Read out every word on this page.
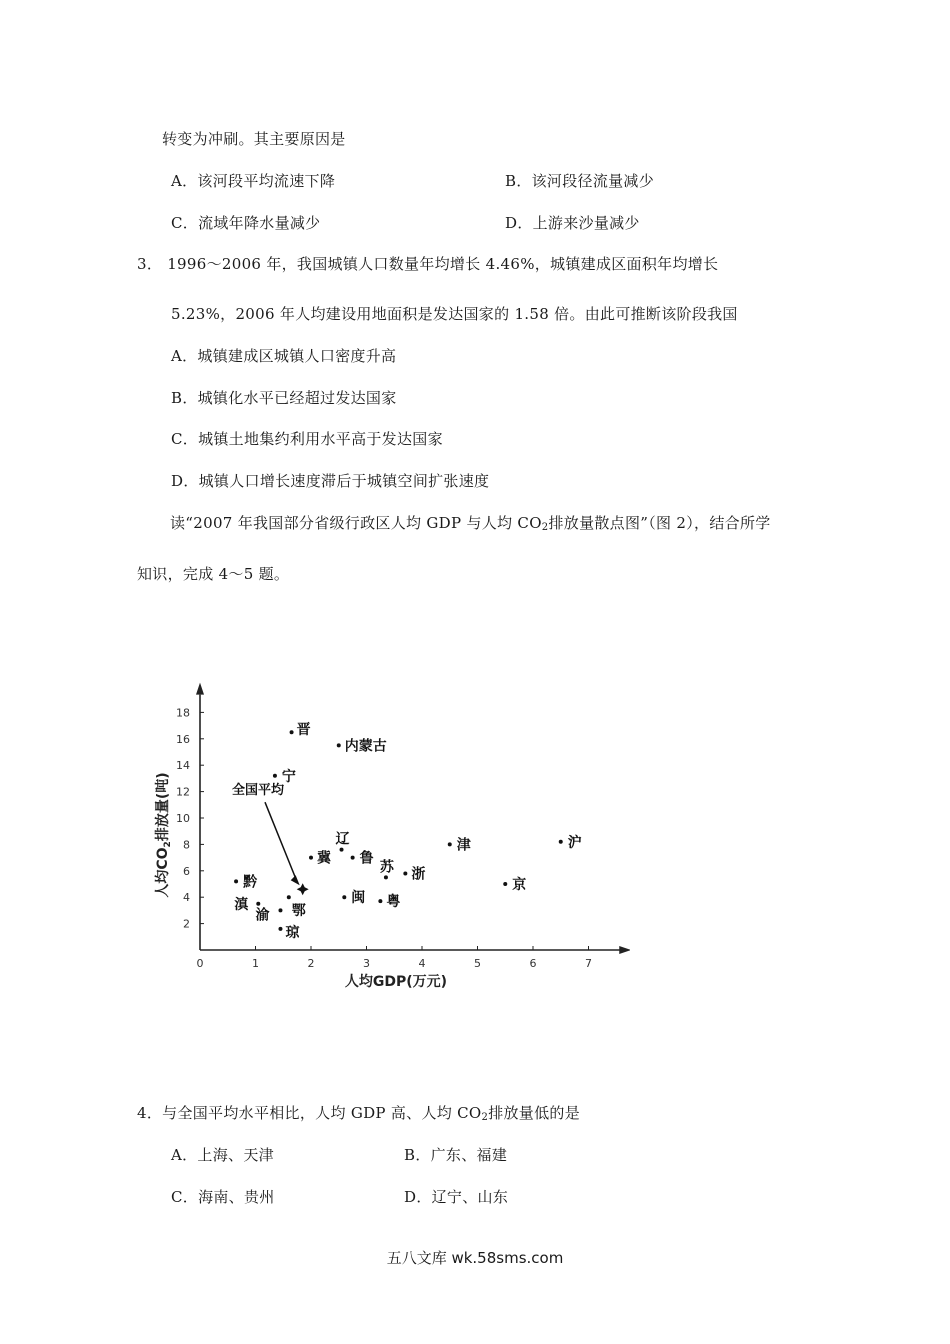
转变为冲刷。其主要原因是
A．该河段平均流速下降	B．该河段径流量减少
C．流域年降水量减少	D．上游来沙量减少
3． 1996～2006 年，我国城镇人口数量年均增长 4.46%，城镇建成区面积年均增长
5.23%，2006 年人均建设用地面积是发达国家的 1.58 倍。由此可推断该阶段我国
A．城镇建成区城镇人口密度升高
B．城镇化水平已经超过发达国家
C．城镇土地集约利用水平高于发达国家
D．城镇人口增长速度滞后于城镇空间扩张速度
读“2007 年我国部分省级行政区人均 GDP 与人均 $CO_2$排放量散点图”（图 2），结合所学
知识，完成 4～5 题。
0	1	2	3	4	5	6	7
2
4
6
8
10
12
14
16
18
晋
内蒙古
宁
辽
冀 鲁
津	沪
苏 浙
京
黔
滇	鄂
闽 粤
渝
琼
全国平均
人均GDP(万元)
人均$CO_2$排放量(吨)
4．与全国平均水平相比，人均 GDP 高、人均 $CO_2$排放量低的是
A．上海、天津	B．广东、福建
C．海南、贵州	D．辽宁、山东
五八文库 wk.58sms.com
